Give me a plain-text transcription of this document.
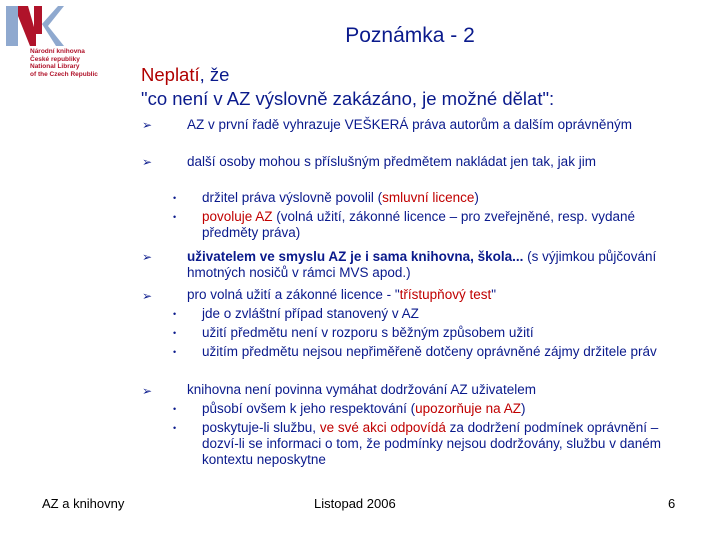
Národní knihovna
České republiky
National Library
of the Czech Republic
Poznámka - 2
Neplatí, že
"co není v AZ výslovně zakázáno, je možné dělat":
➢	AZ v první řadě vyhrazuje VEŠKERÁ práva autorům a dalším oprávněným
➢	další osoby mohou s příslušným předmětem nakládat jen tak, jak jim
• držitel práva výslovně povolil (smluvní licence)
• povoluje AZ (volná užití, zákonné licence – pro zveřejněné, resp. vydané předměty práva)
➢	uživatelem ve smyslu AZ je i sama knihovna, škola... (s výjimkou půjčování hmotných nosičů v rámci MVS apod.)
➢	pro volná užití a zákonné licence - "třístupňový test"
• jde o zvláštní případ stanovený v AZ
• užití předmětu není v rozporu s běžným způsobem užití
• užitím předmětu nejsou nepřiměřeně dotčeny oprávněné zájmy držitele práv
➢	knihovna není povinna vymáhat dodržování AZ uživatelem
• působí ovšem k jeho respektování (upozorňuje na AZ)
• poskytuje-li službu, ve své akci odpovídá za dodržení podmínek oprávnění – dozví-li se informaci o tom, že podmínky nejsou dodržovány, službu v daném kontextu neposkytne
AZ a knihovny	Listopad 2006	6
